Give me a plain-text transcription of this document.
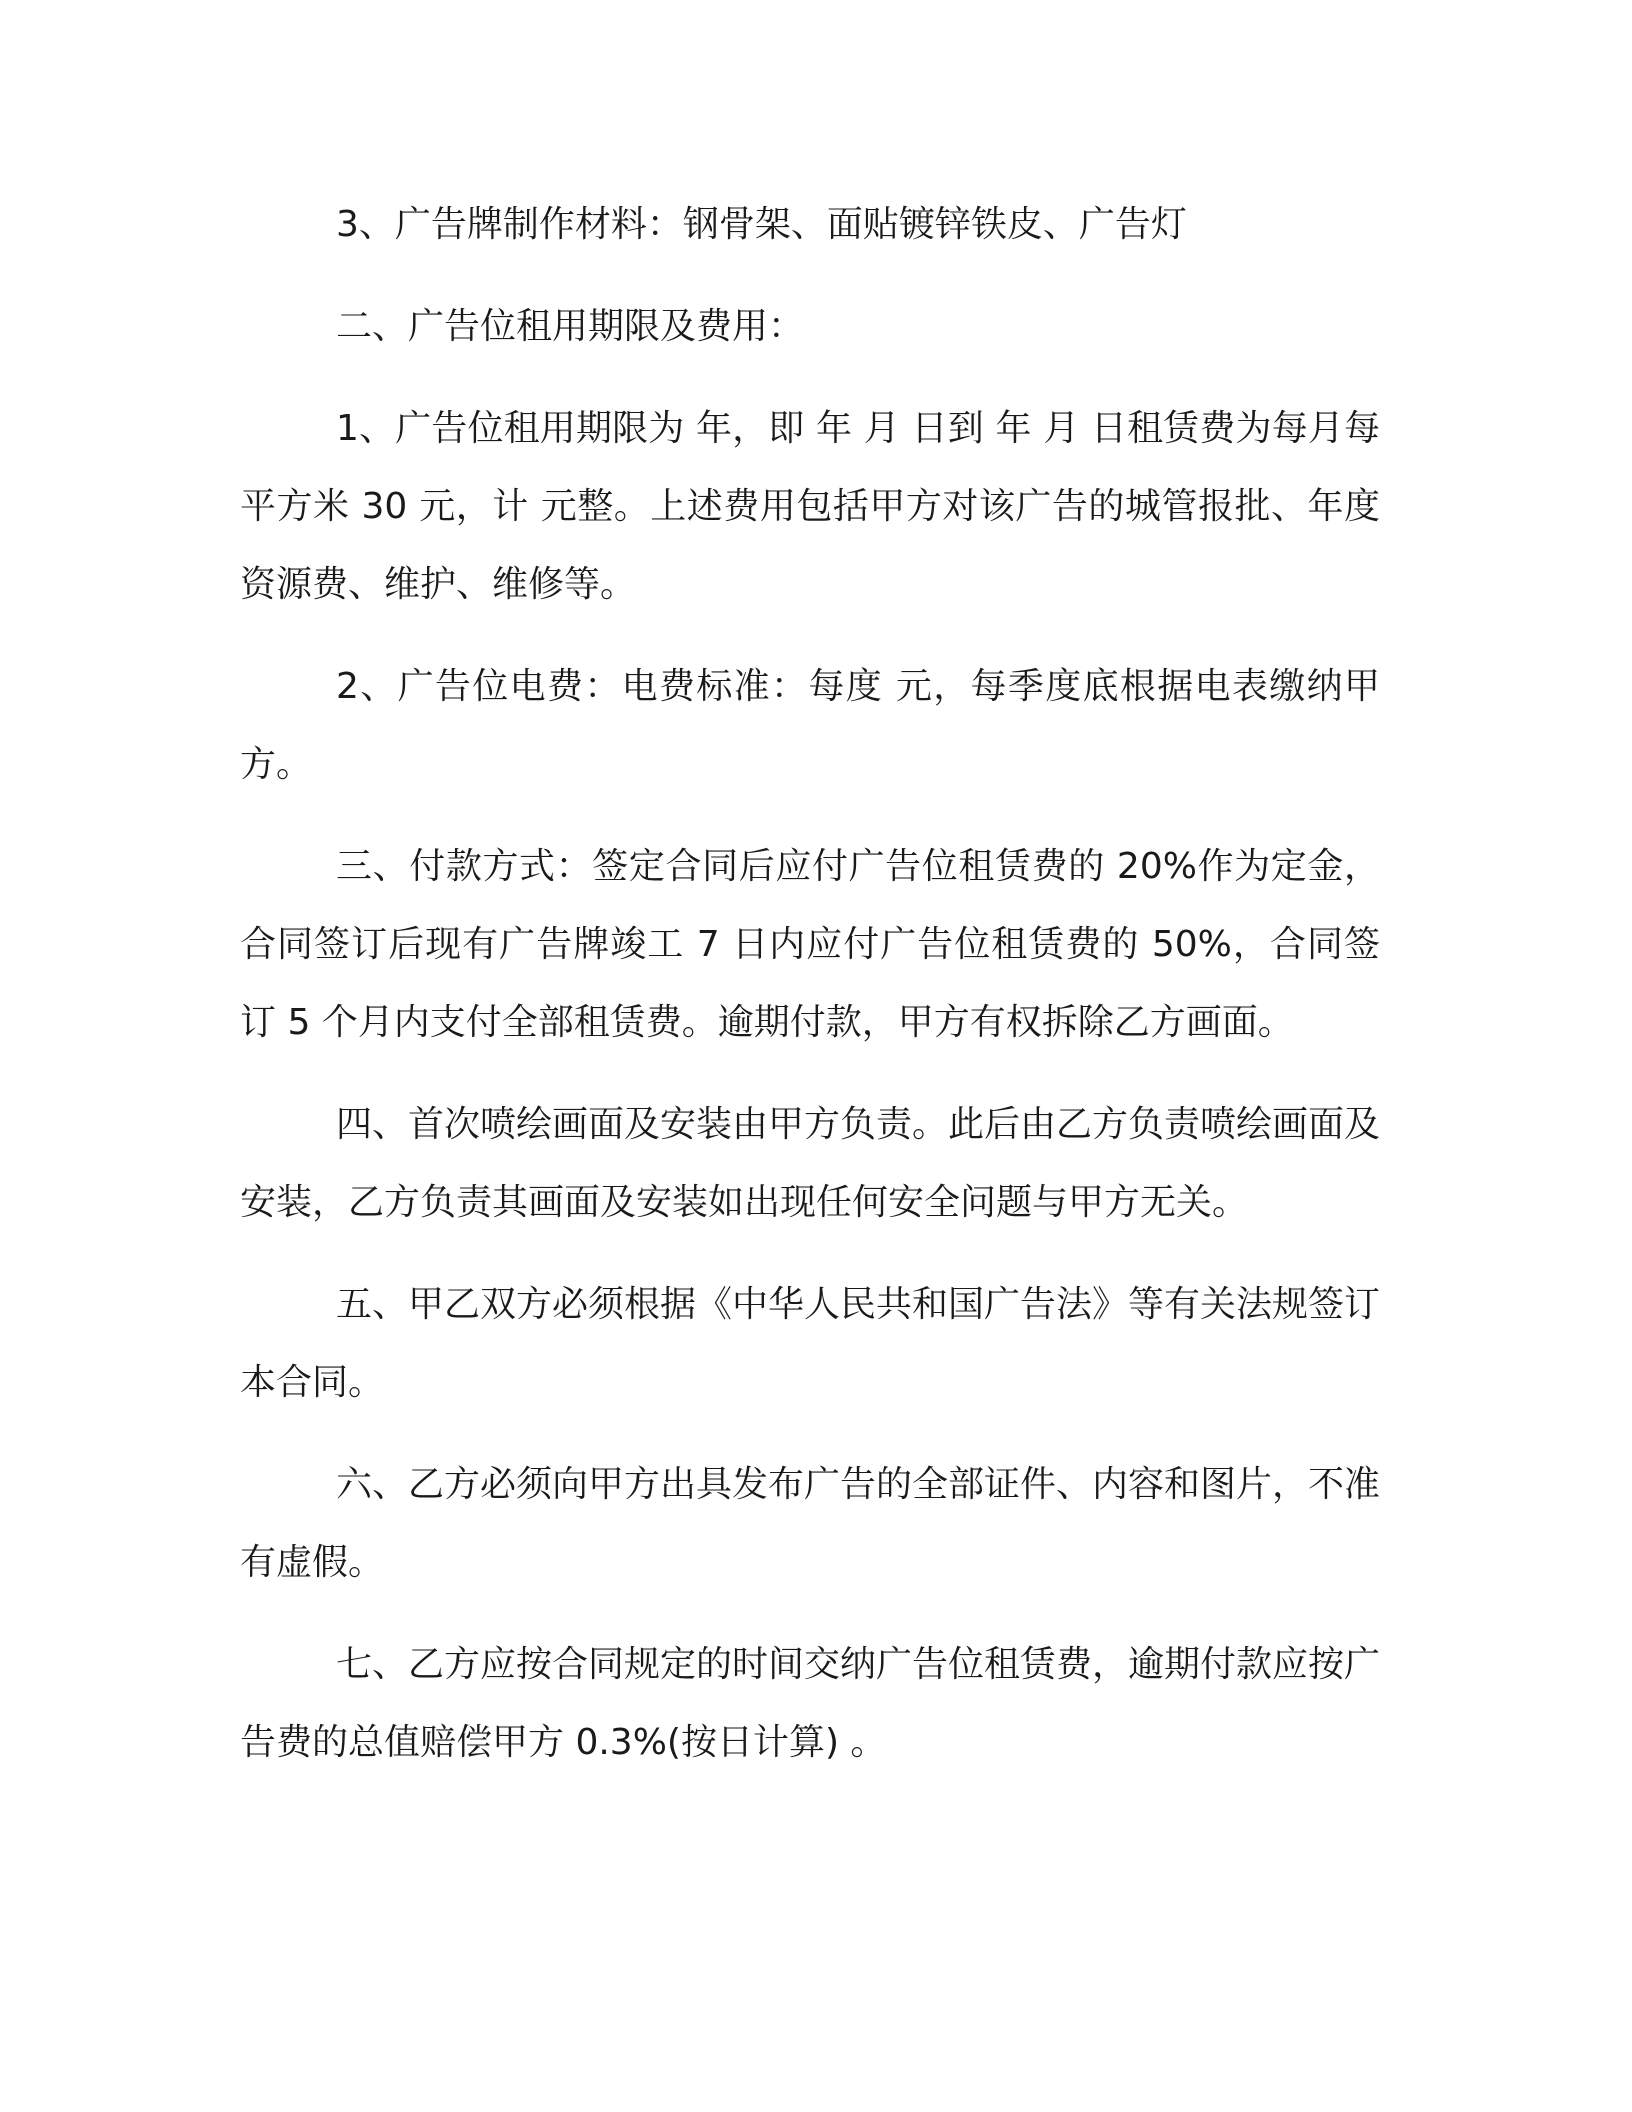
3、广告牌制作材料：钢骨架、面贴镀锌铁皮、广告灯

二、广告位租用期限及费用：

1、广告位租用期限为 年，即 年 月 日到 年 月 日租赁费为每月每平方米 30 元，计 元整。上述费用包括甲方对该广告的城管报批、年度资源费、维护、维修等。

2、广告位电费：电费标准：每度 元，每季度底根据电表缴纳甲方。

三、付款方式：签定合同后应付广告位租赁费的 20%作为定金，合同签订后现有广告牌竣工 7 日内应付广告位租赁费的 50%，合同签订 5 个月内支付全部租赁费。逾期付款，甲方有权拆除乙方画面。

四、首次喷绘画面及安装由甲方负责。此后由乙方负责喷绘画面及安装，乙方负责其画面及安装如出现任何安全问题与甲方无关。

五、甲乙双方必须根据《中华人民共和国广告法》等有关法规签订本合同。

六、乙方必须向甲方出具发布广告的全部证件、内容和图片，不准有虚假。

七、乙方应按合同规定的时间交纳广告位租赁费，逾期付款应按广告费的总值赔偿甲方 0.3%(按日计算) 。
